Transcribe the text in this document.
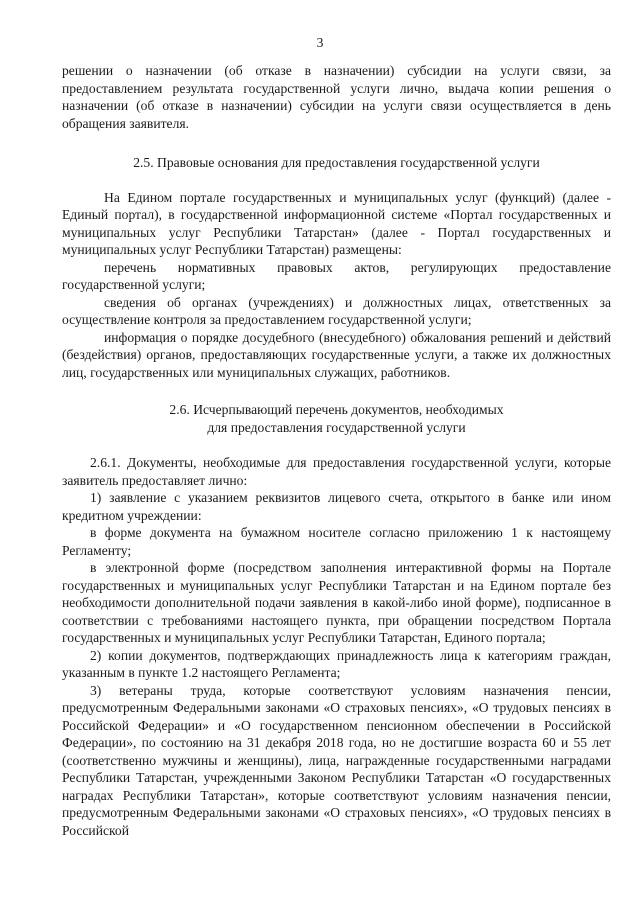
3

решении о назначении (об отказе в назначении) субсидии на услуги связи, за предоставлением результата государственной услуги лично, выдача копии решения о назначении (об отказе в назначении) субсидии на услуги связи осуществляется в день обращения заявителя.

2.5. Правовые основания для предоставления государственной услуги

На Едином портале государственных и муниципальных услуг (функций) (далее - Единый портал), в государственной информационной системе «Портал государственных и муниципальных услуг Республики Татарстан» (далее - Портал государственных и муниципальных услуг Республики Татарстан) размещены:

перечень нормативных правовых актов, регулирующих предоставление государственной услуги;

сведения об органах (учреждениях) и должностных лицах, ответственных за осуществление контроля за предоставлением государственной услуги;

информация о порядке досудебного (внесудебного) обжалования решений и действий (бездействия) органов, предоставляющих государственные услуги, а также их должностных лиц, государственных или муниципальных служащих, работников.

2.6. Исчерпывающий перечень документов, необходимых

для предоставления государственной услуги

2.6.1. Документы, необходимые для предоставления государственной услуги, которые заявитель предоставляет лично:

1) заявление с указанием реквизитов лицевого счета, открытого в банке или ином кредитном учреждении:

в форме документа на бумажном носителе согласно приложению 1 к настоящему Регламенту;

в электронной форме (посредством заполнения интерактивной формы на Портале государственных и муниципальных услуг Республики Татарстан и на Едином портале без необходимости дополнительной подачи заявления в какой-либо иной форме), подписанное в соответствии с требованиями настоящего пункта, при обращении посредством Портала государственных и муниципальных услуг Республики Татарстан, Единого портала;

2) копии документов, подтверждающих принадлежность лица к категориям граждан, указанным в пункте 1.2 настоящего Регламента;

3) ветераны труда, которые соответствуют условиям назначения пенсии, предусмотренным Федеральными законами «О страховых пенсиях», «О трудовых пенсиях в Российской Федерации» и «О государственном пенсионном обеспечении в Российской Федерации», по состоянию на 31 декабря 2018 года, но не достигшие возраста 60 и 55 лет (соответственно мужчины и женщины), лица, награжденные государственными наградами Республики Татарстан, учрежденными Законом Республики Татарстан «О государственных наградах Республики Татарстан», которые соответствуют условиям назначения пенсии, предусмотренным Федеральными законами «О страховых пенсиях», «О трудовых пенсиях в Российской
